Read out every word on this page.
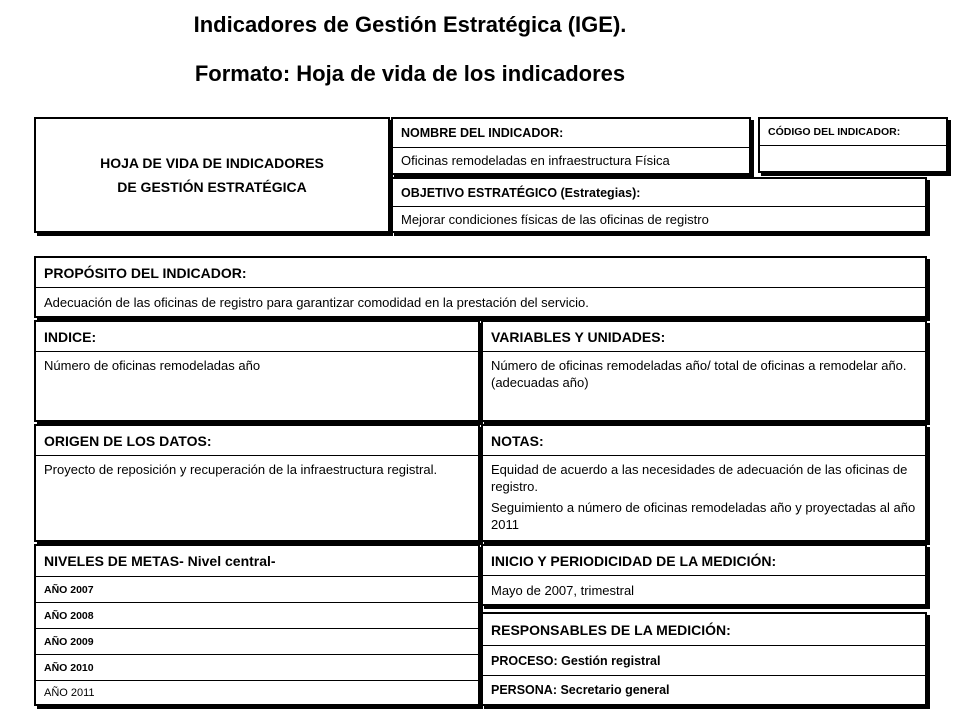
Indicadores de Gestión Estratégica (IGE).
Formato: Hoja de vida de los indicadores
HOJA DE VIDA DE INDICADORES
DE GESTIÓN ESTRATÉGICA
NOMBRE DEL INDICADOR:
Oficinas remodeladas en infraestructura Física
CÓDIGO DEL INDICADOR:
OBJETIVO ESTRATÉGICO (Estrategias):
Mejorar condiciones físicas de las oficinas de registro
PROPÓSITO DEL INDICADOR:
Adecuación de las oficinas de registro para garantizar comodidad en la prestación del servicio.
INDICE:
Número de oficinas remodeladas año
VARIABLES Y UNIDADES:
Número de oficinas remodeladas año/ total de oficinas a remodelar año. (adecuadas año)
ORIGEN DE LOS DATOS:
Proyecto de reposición y recuperación de la infraestructura registral.
NOTAS:

Equidad de acuerdo a las necesidades de adecuación de las oficinas de registro.

Seguimiento a número de oficinas remodeladas año y proyectadas al año 2011

NIVELES DE METAS- Nivel central-
AÑO 2007
AÑO 2008
AÑO 2009
AÑO 2010
AÑO 2011
INICIO Y PERIODICIDAD DE LA MEDICIÓN:
Mayo de 2007, trimestral
RESPONSABLES DE LA MEDICIÓN:
PROCESO: Gestión registral
PERSONA: Secretario general
